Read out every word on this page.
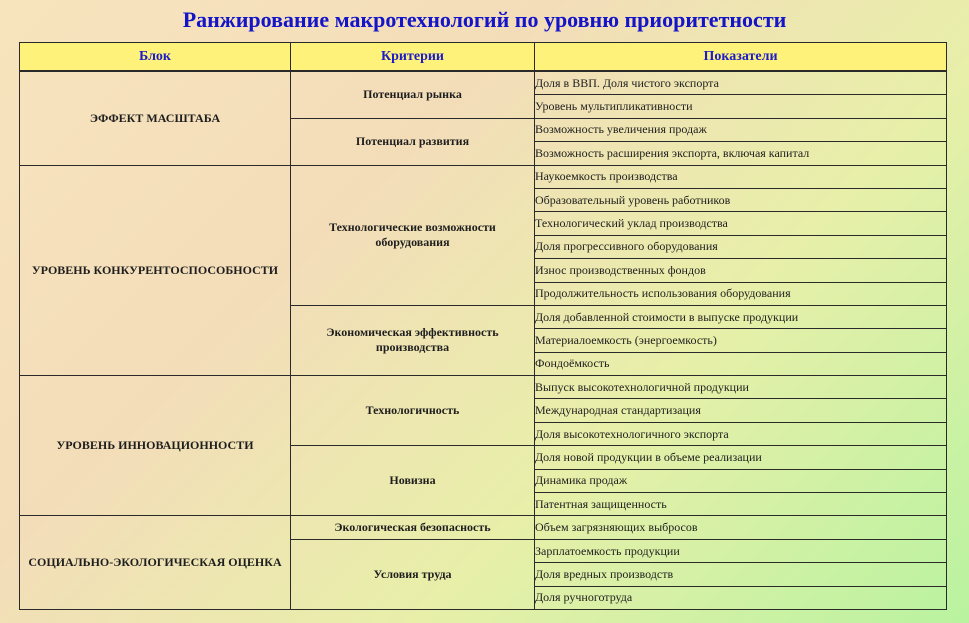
Ранжирование макротехнологий по уровню приоритетности
Блок	Критерии	Показатели
ЭФФЕКТ МАСШТАБА	Потенциал рынка	Доля в ВВП. Доля чистого экспорта
		Уровень мультипликативности
	Потенциал развития	Возможность увеличения продаж
		Возможность расширения экспорта, включая капитал
УРОВЕНЬ КОНКУРЕНТОСПОСОБНОСТИ	Технологические возможности оборудования	Наукоемкость производства
		Образовательный уровень работников
		Технологический уклад производства
		Доля прогрессивного оборудования
		Износ производственных фондов
		Продолжительность использования оборудования
	Экономическая эффективность производства	Доля добавленной стоимости в выпуске продукции
		Материалоемкость (энергоемкость)
		Фондоёмкость
УРОВЕНЬ ИННОВАЦИОННОСТИ	Технологичность	Выпуск высокотехнологичной продукции
		Международная стандартизация
		Доля высокотехнологичного экспорта
	Новизна	Доля новой продукции в объеме реализации
		Динамика продаж
		Патентная защищенность
СОЦИАЛЬНО-ЭКОЛОГИЧЕСКАЯ ОЦЕНКА	Экологическая безопасность	Объем загрязняющих выбросов
	Условия труда	Зарплатоемкость продукции
		Доля вредных производств
		Доля ручноготруда
